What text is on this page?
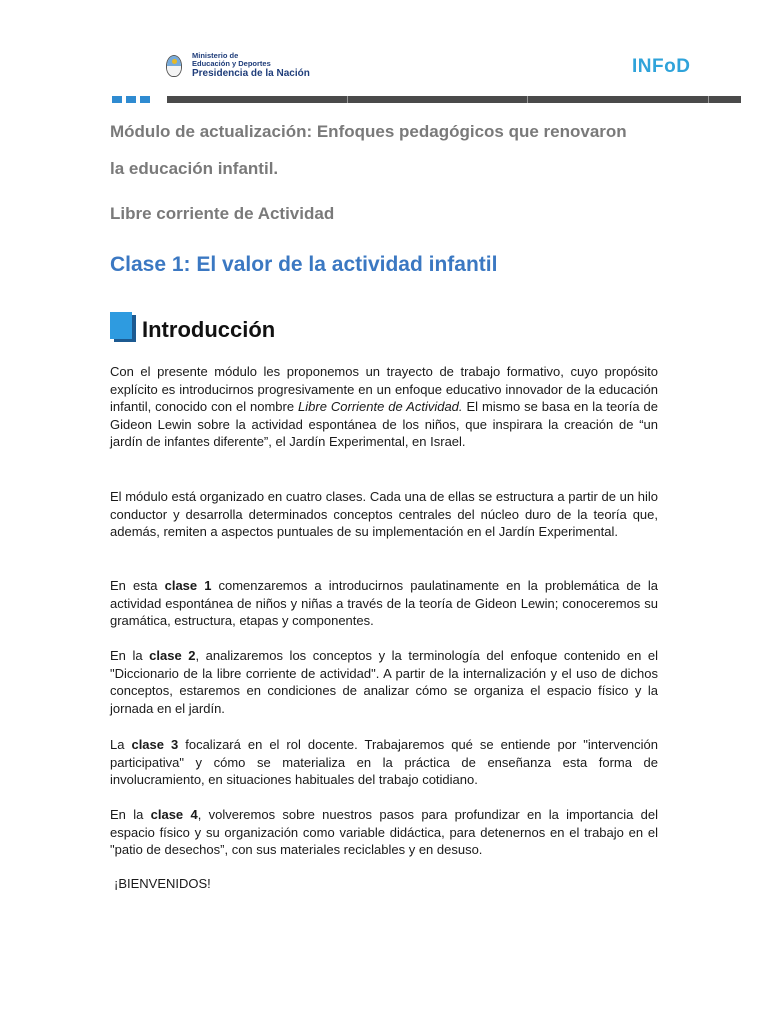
Ministerio de
Educación y Deportes
Presidencia de la Nación	INFoD
Módulo de actualización: Enfoques pedagógicos que renovaron
la educación infantil.
Libre corriente de Actividad
Clase 1: El valor de la actividad infantil
Introducción
Con el presente módulo les proponemos un trayecto de trabajo formativo, cuyo propósito explícito es introducirnos progresivamente en un enfoque educativo innovador de la educación infantil, conocido con el nombre Libre Corriente de Actividad. El mismo se basa en la teoría de Gideon Lewin sobre la actividad espontánea de los niños, que inspirara la creación de “un jardín de infantes diferente”, el Jardín Experimental, en Israel.
El módulo está organizado en cuatro clases. Cada una de ellas se estructura a partir de un hilo conductor y desarrolla determinados conceptos centrales del núcleo duro de la teoría que, además, remiten a aspectos puntuales de su implementación en el Jardín Experimental.
En esta clase 1 comenzaremos a introducirnos paulatinamente en la problemática de la actividad espontánea de niños y niñas a través de la teoría de Gideon Lewin; conoceremos su gramática, estructura, etapas y componentes.
En la clase 2, analizaremos los conceptos y la terminología del enfoque contenido en el "Diccionario de la libre corriente de actividad". A partir de la internalización y el uso de dichos conceptos, estaremos en condiciones de analizar cómo se organiza el espacio físico y la jornada en el jardín.
La clase 3 focalizará en el rol docente. Trabajaremos qué se entiende por "intervención participativa" y cómo se materializa en la práctica de enseñanza esta forma de involucramiento, en situaciones habituales del trabajo cotidiano.
En la clase 4, volveremos sobre nuestros pasos para profundizar en la importancia del espacio físico y su organización como variable didáctica, para detenernos en el trabajo en el "patio de desechos”, con sus materiales reciclables y en desuso.
¡BIENVENIDOS!
